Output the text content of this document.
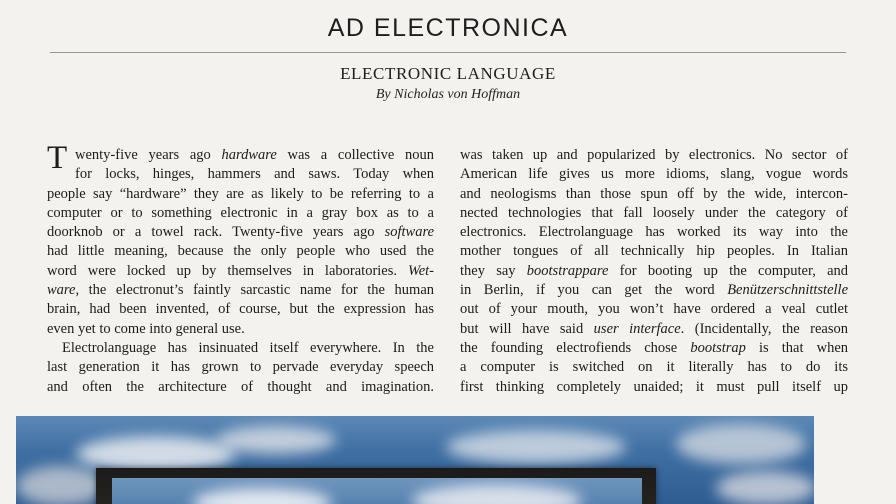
AD ELECTRONICA
ELECTRONIC LANGUAGE
By Nicholas von Hoffman
T wenty-five years ago hardware was a collective noun
for locks, hinges, hammers and saws. Today when
people say “hardware” they are as likely to be referring to a
computer or to something electronic in a gray box as to a
doorknob or a towel rack. Twenty-five years ago software
had little meaning, because the only people who used the
word were locked up by themselves in laboratories. Wet-
ware, the electronut’s faintly sarcastic name for the human
brain, had been invented, of course, but the expression has
even yet to come into general use.
Electrolanguage has insinuated itself everywhere. In the
last generation it has grown to pervade everyday speech
and often the architecture of thought and imagination.
was taken up and popularized by electronics. No sector of
American life gives us more idioms, slang, vogue words
and neologisms than those spun off by the wide, intercon-
nected technologies that fall loosely under the category of
electronics. Electrolanguage has worked its way into the
mother tongues of all technically hip peoples. In Italian
they say bootstrappare for booting up the computer, and
in Berlin, if you can get the word Benützerschnittstelle
out of your mouth, you won’t have ordered a veal cutlet
but will have said user interface. (Incidentally, the reason
the founding electrofiends chose bootstrap is that when
a computer is switched on it literally has to do its
first thinking completely unaided; it must pull itself up
